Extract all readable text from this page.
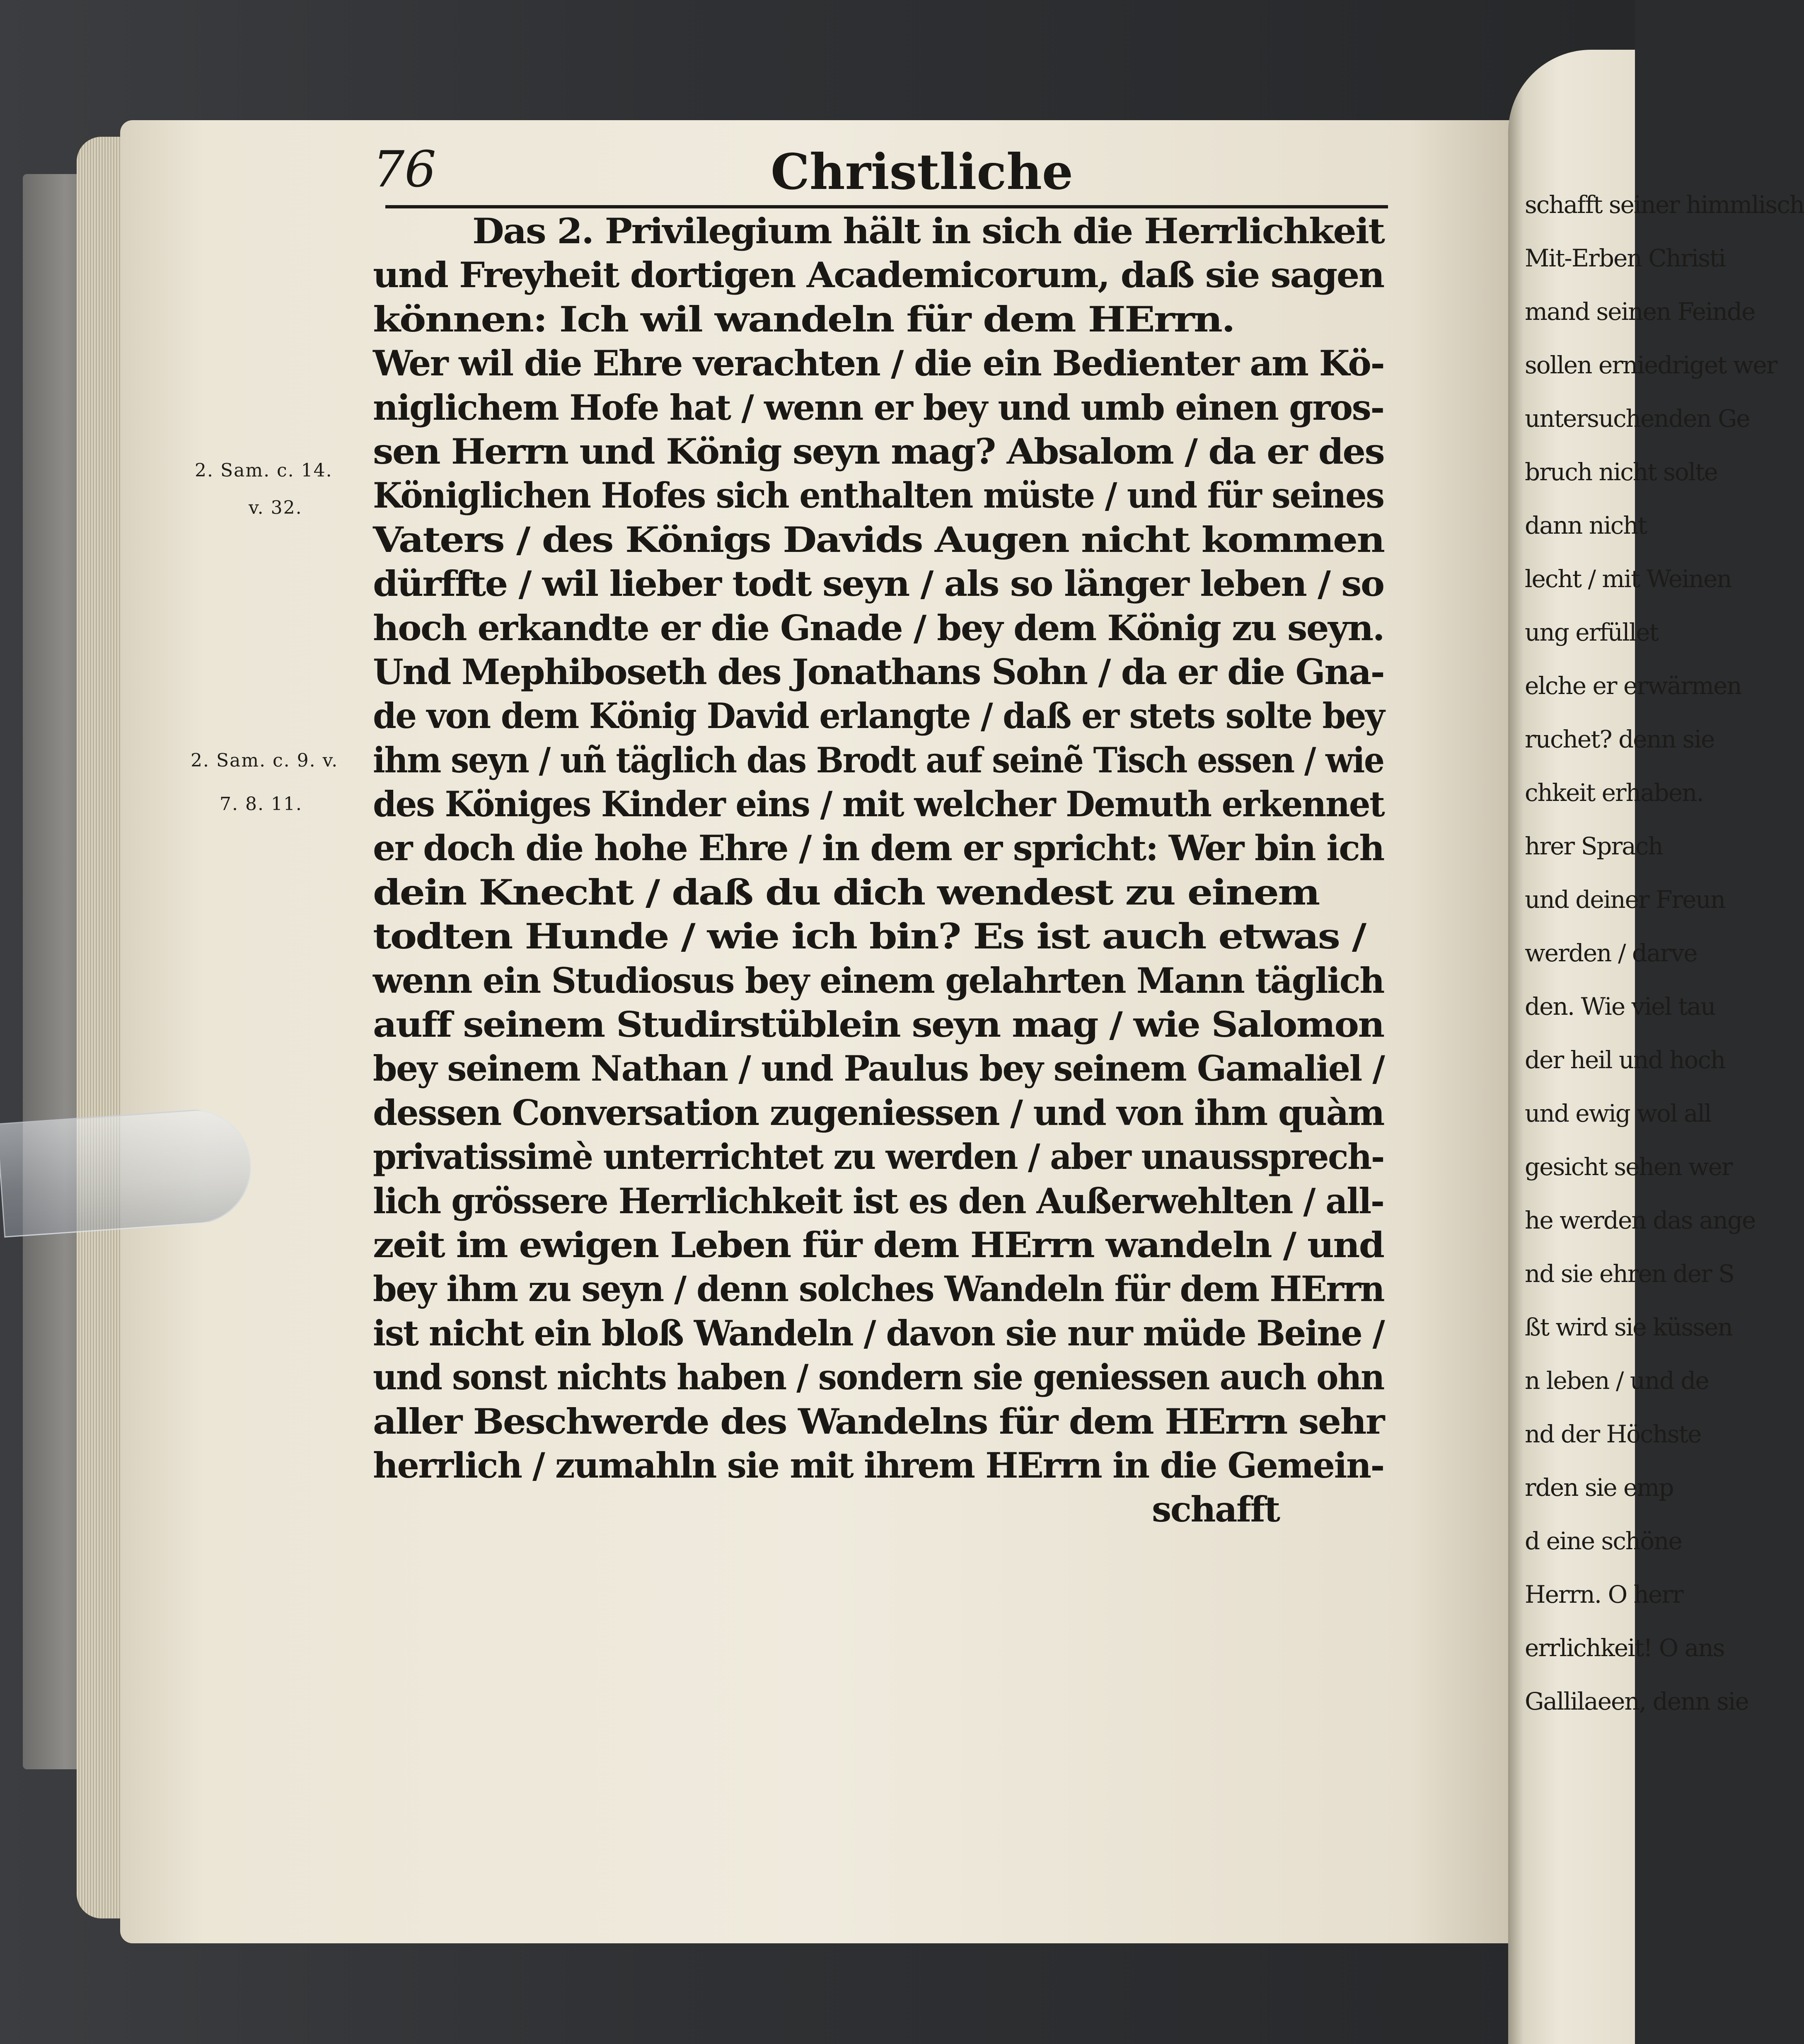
schafft seiner himmlisch
Mit-Erben Christi
mand seinen Feinde
sollen erniedriget wer
untersuchenden Ge
bruch nicht solte
dann nicht
lecht / mit Weinen
ung erfüllet
elche er erwärmen
ruchet? denn sie
chkeit erhaben.
hrer Sprach
und deiner Freun
werden / darve
den. Wie viel tau
der heil und hoch
und ewig wol all
gesicht sehen wer
he werden das ange
nd sie ehren der S
ßt wird sie küssen
n leben / und de
nd der Höchste
rden sie emp
d eine schöne
Herrn. O herr
errlichkeit! O ans
Gallilaeen, denn sie
76	Christliche
Das 2. Privilegium hält in sich die Herrlichkeit
und Freyheit dortigen Academicorum, daß sie sagen
können: Ich wil wandeln für dem HErrn.
Wer wil die Ehre verachten / die ein Bedienter am Kö-
niglichem Hofe hat / wenn er bey und umb einen gros-
sen Herrn und König seyn mag? Absalom / da er des
Königlichen Hofes sich enthalten müste / und für seines
Vaters / des Königs Davids Augen nicht kommen
dürffte / wil lieber todt seyn / als so länger leben / so
hoch erkandte er die Gnade / bey dem König zu seyn.
Und Mephiboseth des Jonathans Sohn / da er die Gna-
de von dem König David erlangte / daß er stets solte bey
ihm seyn / uñ täglich das Brodt auf seinẽ Tisch essen / wie
des Königes Kinder eins / mit welcher Demuth erkennet
er doch die hohe Ehre / in dem er spricht: Wer bin ich
dein Knecht / daß du dich wendest zu einem
todten Hunde / wie ich bin? Es ist auch etwas /
wenn ein Studiosus bey einem gelahrten Mann täglich
auff seinem Studirstüblein seyn mag / wie Salomon
bey seinem Nathan / und Paulus bey seinem Gamaliel /
dessen Conversation zugeniessen / und von ihm quàm
privatissimè unterrichtet zu werden / aber unaussprech-
lich grössere Herrlichkeit ist es den Außerwehlten / all-
zeit im ewigen Leben für dem HErrn wandeln / und
bey ihm zu seyn / denn solches Wandeln für dem HErrn
ist nicht ein bloß Wandeln / davon sie nur müde Beine /
und sonst nichts haben / sondern sie geniessen auch ohn
aller Beschwerde des Wandelns für dem HErrn sehr
herrlich / zumahln sie mit ihrem HErrn in die Gemein-
schafft
2. Sam. c. 14.
v. 32.
2. Sam. c. 9. v.
7. 8. 11.
